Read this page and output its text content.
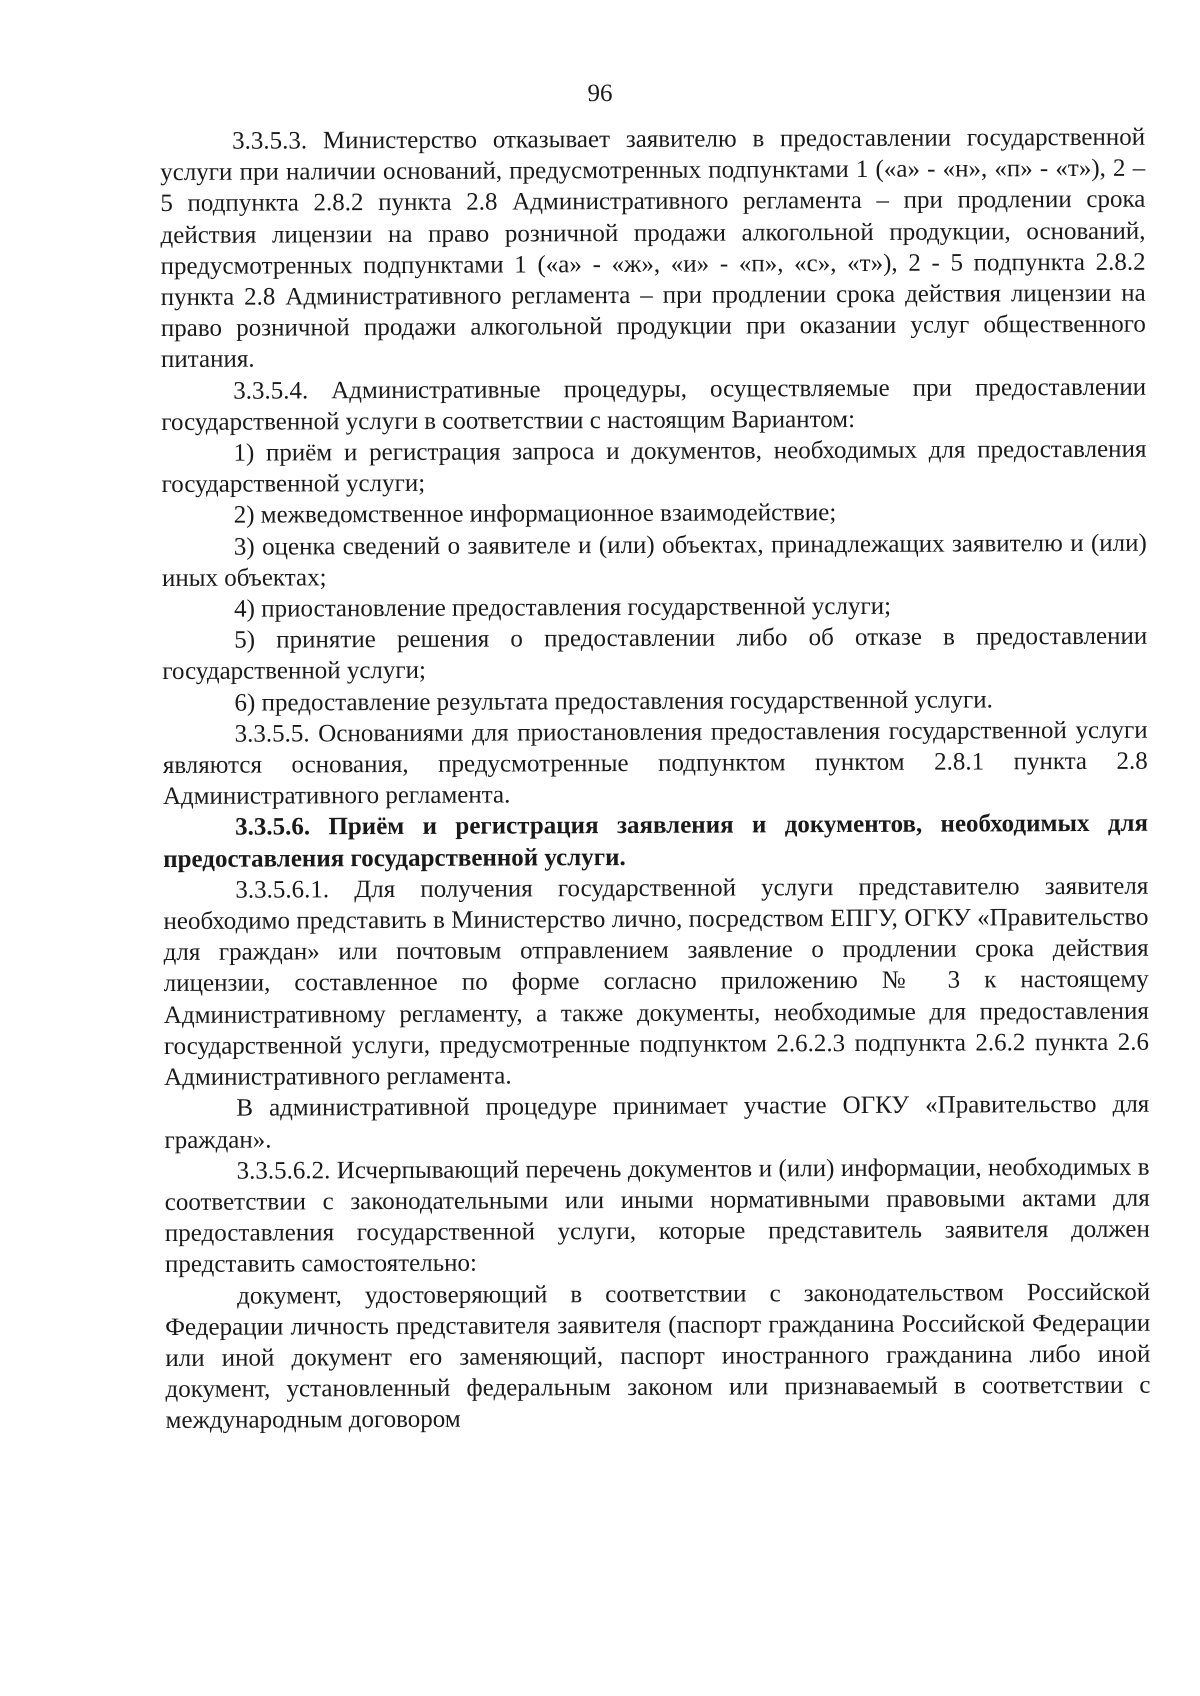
96

3.3.5.3. Министерство отказывает заявителю в предоставлении государственной услуги при наличии оснований, предусмотренных подпунктами 1 («а» - «н», «п» - «т»), 2 – 5 подпункта 2.8.2 пункта 2.8 Административного регламента – при продлении срока действия лицензии на право розничной продажи алкогольной продукции, оснований, предусмотренных подпунктами 1 («а» - «ж», «и» - «п», «с», «т»), 2 - 5 подпункта 2.8.2 пункта 2.8 Административного регламента – при продлении срока действия лицензии на право розничной продажи алкогольной продукции при оказании услуг общественного питания.

3.3.5.4. Административные процедуры, осуществляемые при предоставлении государственной услуги в соответствии с настоящим Вариантом:

1) приём и регистрация запроса и документов, необходимых для предоставления государственной услуги;

2) межведомственное информационное взаимодействие;

3) оценка сведений о заявителе и (или) объектах, принадлежащих заявителю и (или) иных объектах;

4) приостановление предоставления государственной услуги;

5) принятие решения о предоставлении либо об отказе в предоставлении государственной услуги;

6) предоставление результата предоставления государственной услуги.

3.3.5.5. Основаниями для приостановления предоставления государственной услуги являются основания, предусмотренные подпунктом пунктом 2.8.1 пункта 2.8 Административного регламента.

3.3.5.6. Приём и регистрация заявления и документов, необходимых для предоставления государственной услуги.

3.3.5.6.1. Для получения государственной услуги представителю заявителя необходимо представить в Министерство лично, посредством ЕПГУ, ОГКУ «Правительство для граждан» или почтовым отправлением заявление о продлении срока действия лицензии, составленное по форме согласно приложению № 3 к настоящему Административному регламенту, а также документы, необходимые для предоставления государственной услуги, предусмотренные подпунктом 2.6.2.3 подпункта 2.6.2 пункта 2.6 Административного регламента.

В административной процедуре принимает участие ОГКУ «Правительство для граждан».

3.3.5.6.2. Исчерпывающий перечень документов и (или) информации, необходимых в соответствии с законодательными или иными нормативными правовыми актами для предоставления государственной услуги, которые представитель заявителя должен представить самостоятельно:

документ, удостоверяющий в соответствии с законодательством Российской Федерации личность представителя заявителя (паспорт гражданина Российской Федерации или иной документ его заменяющий, паспорт иностранного гражданина либо иной документ, установленный федеральным законом или признаваемый в соответствии с международным договором
